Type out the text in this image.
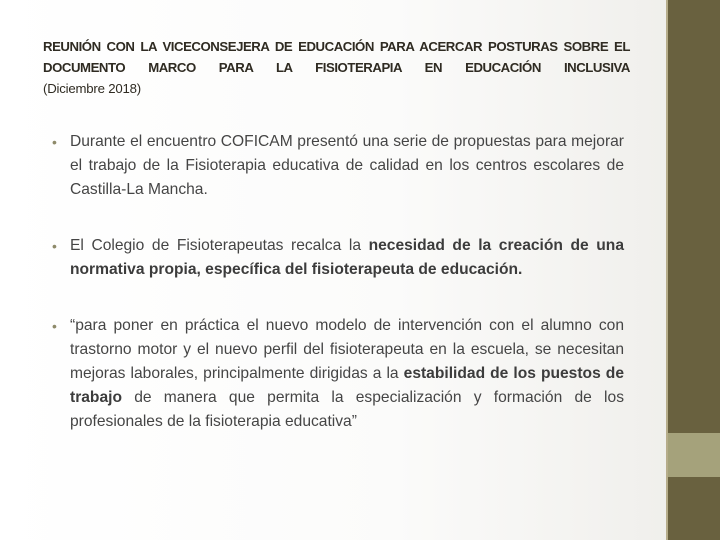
REUNIÓN CON LA VICECONSEJERA DE EDUCACIÓN PARA ACERCAR POSTURAS SOBRE EL
DOCUMENTO MARCO PARA LA FISIOTERAPIA EN EDUCACIÓN INCLUSIVA
(Diciembre 2018)
• Durante el encuentro COFICAM presentó una serie de propuestas para mejorar el trabajo de la Fisioterapia educativa de calidad en los centros escolares de Castilla-La Mancha.
• El Colegio de Fisioterapeutas recalca la necesidad de la creación de una normativa propia, específica del fisioterapeuta de educación.
• “para poner en práctica el nuevo modelo de intervención con el alumno con trastorno motor y el nuevo perfil del fisioterapeuta en la escuela, se necesitan mejoras laborales, principalmente dirigidas a la estabilidad de los puestos de trabajo de manera que permita la especialización y formación de los profesionales de la fisioterapia educativa”
